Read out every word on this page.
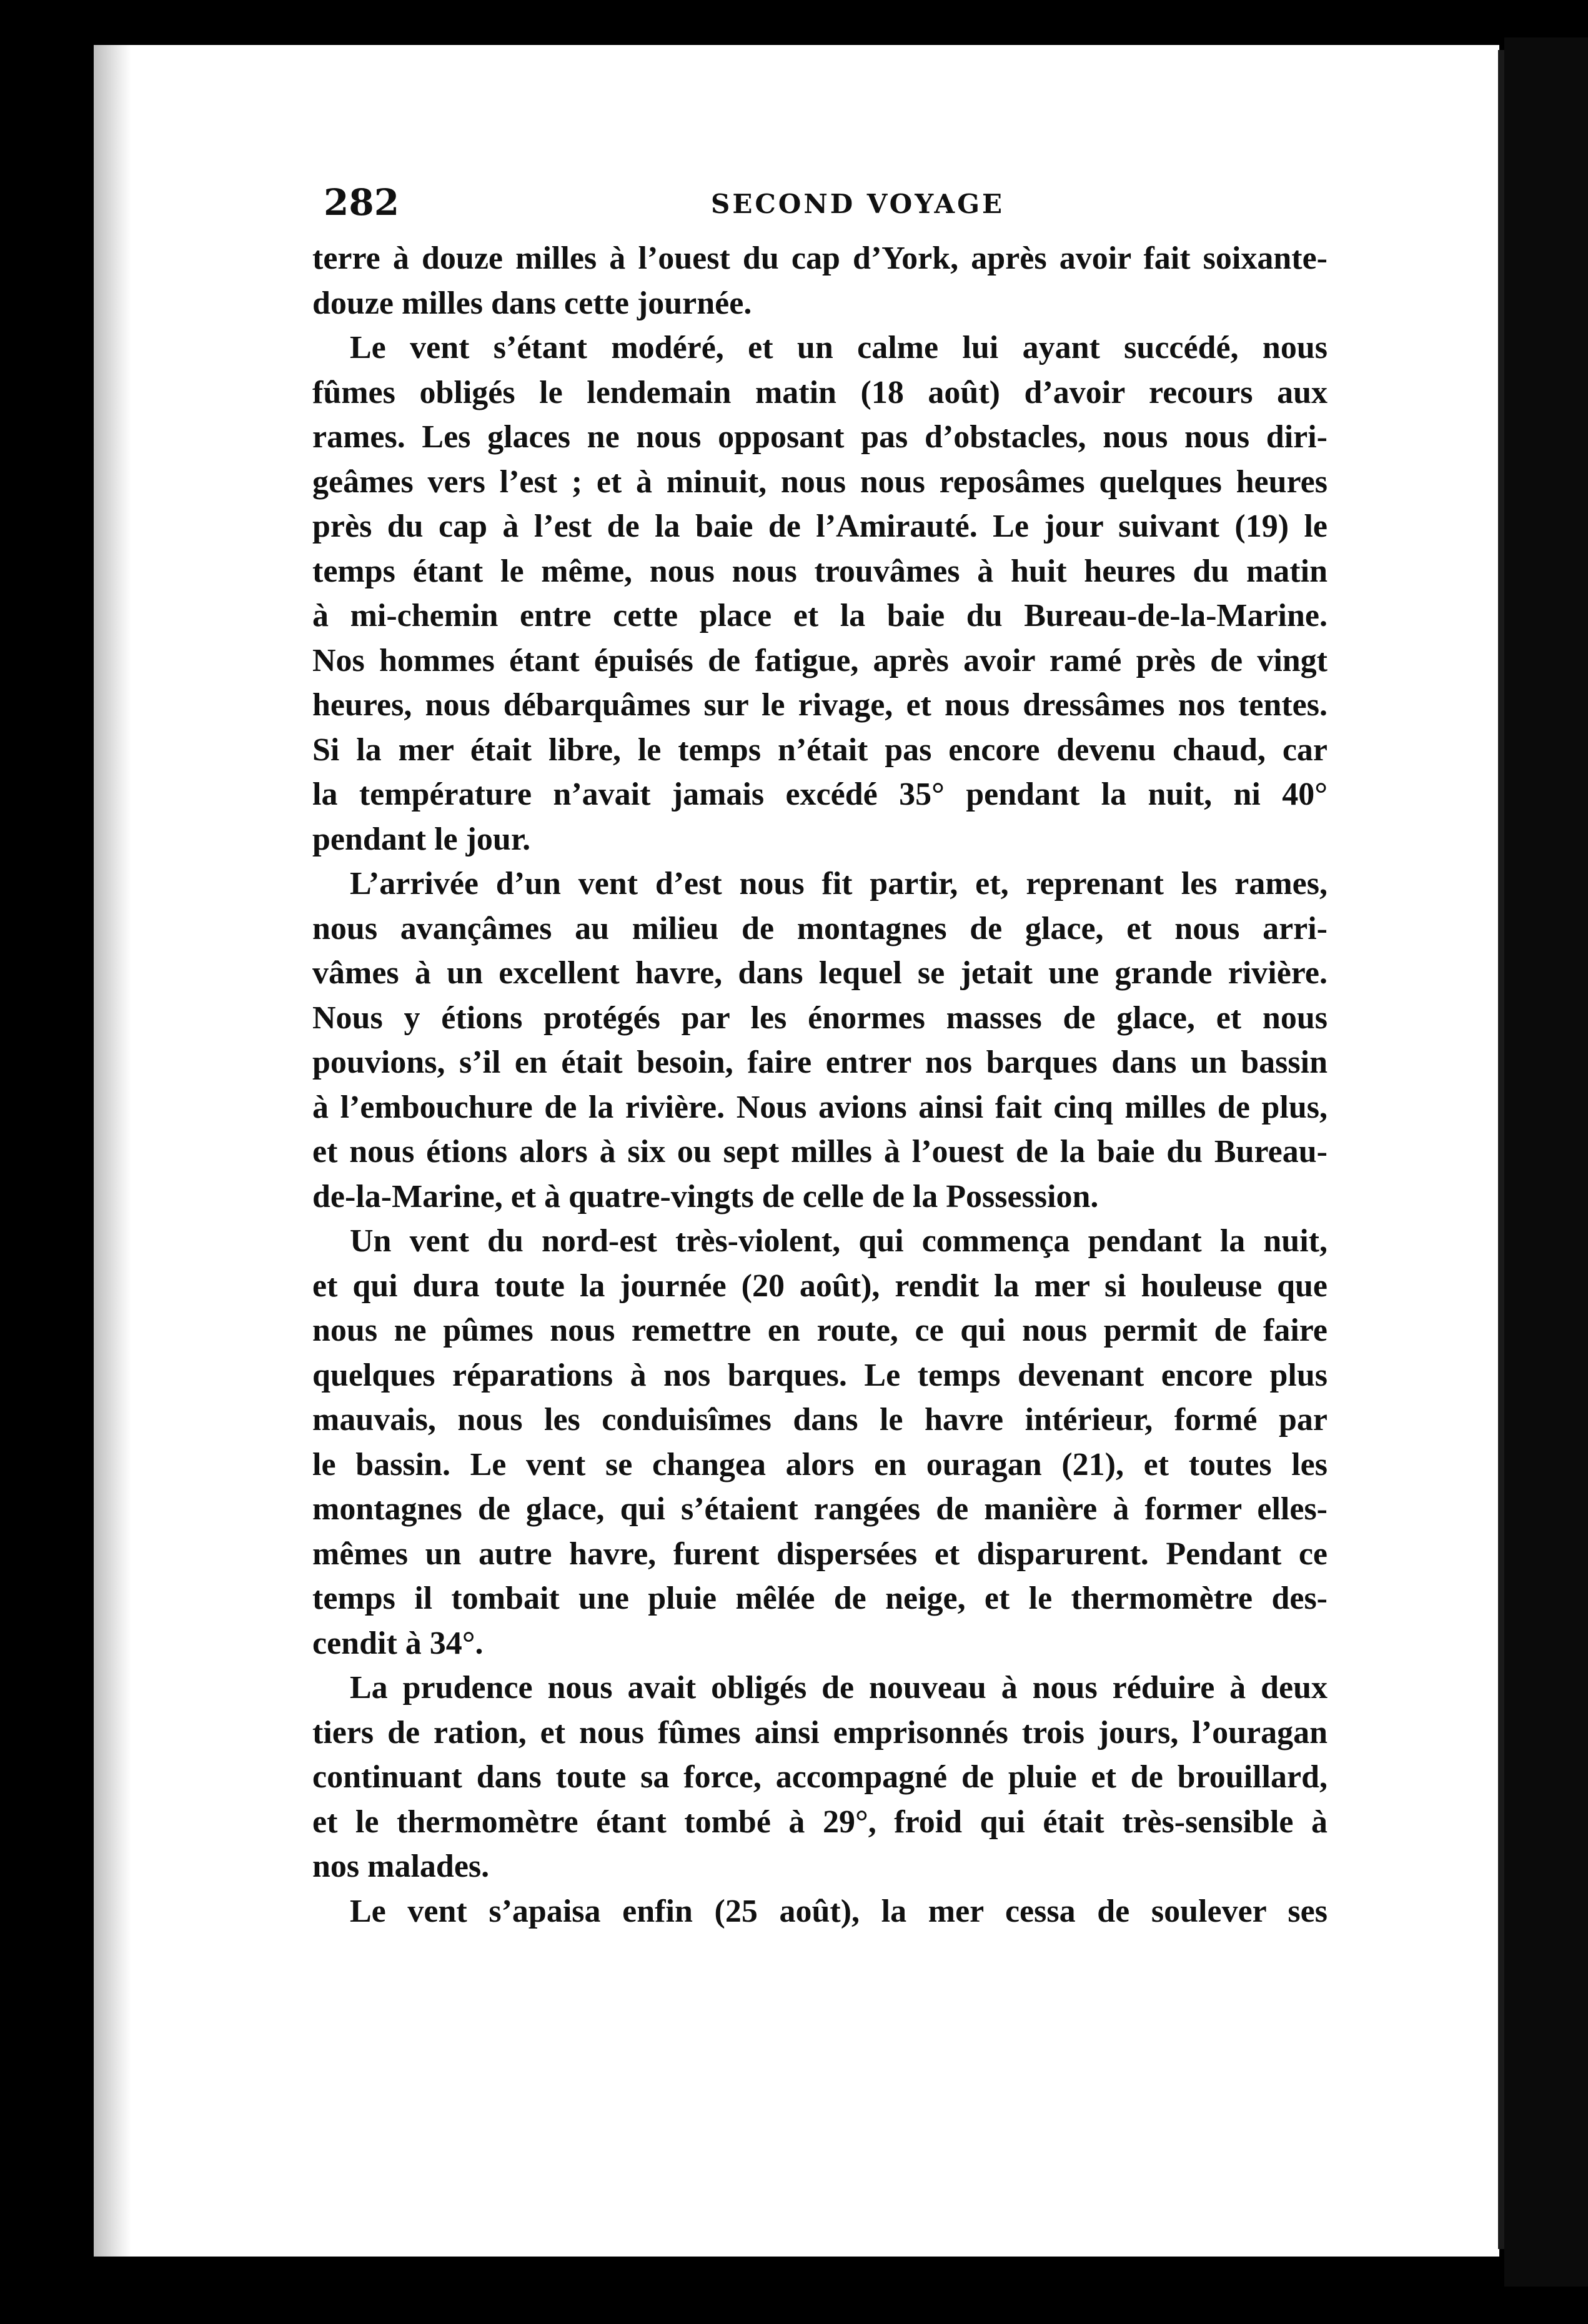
282	SECOND VOYAGE
terre à douze milles à l’ouest du cap d’York, après avoir fait soixante-
douze milles dans cette journée.
Le vent s’étant modéré, et un calme lui ayant succédé, nous
fûmes obligés le lendemain matin (18 août) d’avoir recours aux
rames. Les glaces ne nous opposant pas d’obstacles, nous nous diri-
geâmes vers l’est ; et à minuit, nous nous reposâmes quelques heures
près du cap à l’est de la baie de l’Amirauté. Le jour suivant (19) le
temps étant le même, nous nous trouvâmes à huit heures du matin
à mi-chemin entre cette place et la baie du Bureau-de-la-Marine.
Nos hommes étant épuisés de fatigue, après avoir ramé près de vingt
heures, nous débarquâmes sur le rivage, et nous dressâmes nos tentes.
Si la mer était libre, le temps n’était pas encore devenu chaud, car
la température n’avait jamais excédé 35° pendant la nuit, ni 40°
pendant le jour.
L’arrivée d’un vent d’est nous fit partir, et, reprenant les rames,
nous avançâmes au milieu de montagnes de glace, et nous arri-
vâmes à un excellent havre, dans lequel se jetait une grande rivière.
Nous y étions protégés par les énormes masses de glace, et nous
pouvions, s’il en était besoin, faire entrer nos barques dans un bassin
à l’embouchure de la rivière. Nous avions ainsi fait cinq milles de plus,
et nous étions alors à six ou sept milles à l’ouest de la baie du Bureau-
de-la-Marine, et à quatre-vingts de celle de la Possession.
Un vent du nord-est très-violent, qui commença pendant la nuit,
et qui dura toute la journée (20 août), rendit la mer si houleuse que
nous ne pûmes nous remettre en route, ce qui nous permit de faire
quelques réparations à nos barques. Le temps devenant encore plus
mauvais, nous les conduisîmes dans le havre intérieur, formé par
le bassin. Le vent se changea alors en ouragan (21), et toutes les
montagnes de glace, qui s’étaient rangées de manière à former elles-
mêmes un autre havre, furent dispersées et disparurent. Pendant ce
temps il tombait une pluie mêlée de neige, et le thermomètre des-
cendit à 34°.
La prudence nous avait obligés de nouveau à nous réduire à deux
tiers de ration, et nous fûmes ainsi emprisonnés trois jours, l’ouragan
continuant dans toute sa force, accompagné de pluie et de brouillard,
et le thermomètre étant tombé à 29°, froid qui était très-sensible à
nos malades.
Le vent s’apaisa enfin (25 août), la mer cessa de soulever ses
